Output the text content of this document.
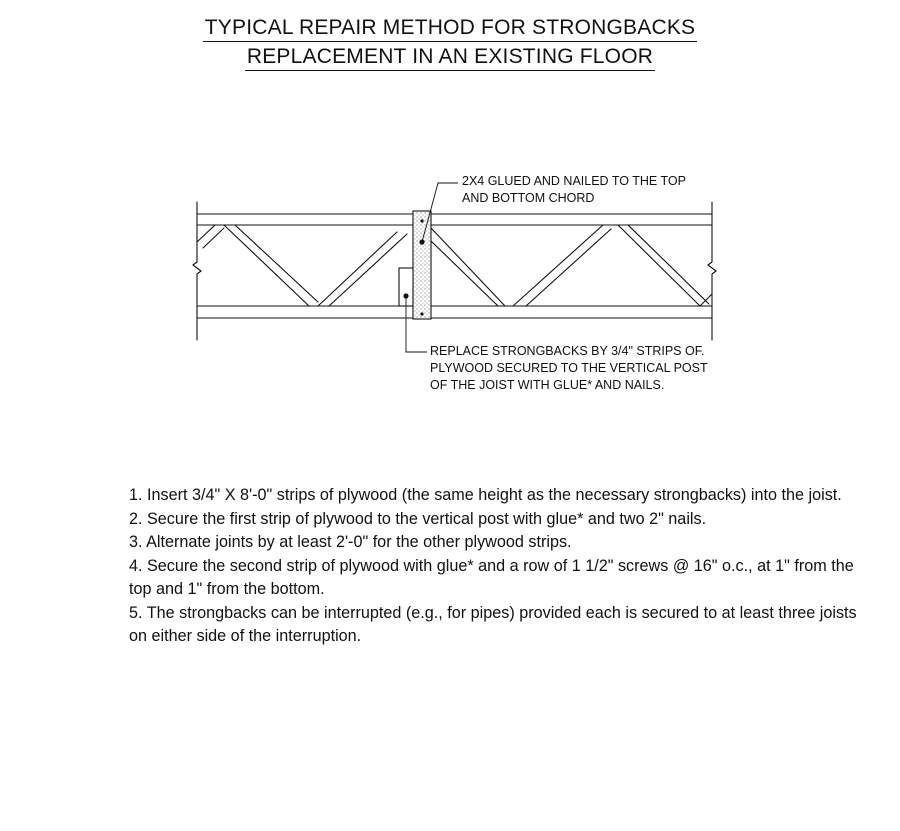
TYPICAL REPAIR METHOD FOR STRONGBACKS
REPLACEMENT IN AN EXISTING FLOOR
2X4 GLUED AND NAILED TO THE TOP
AND BOTTOM CHORD
REPLACE STRONGBACKS BY 3/4" STRIPS OF.
PLYWOOD SECURED TO THE VERTICAL POST
OF THE JOIST WITH GLUE* AND NAILS.

1. Insert 3/4" X 8'-0" strips of plywood (the same height as the necessary strongbacks) into the joist.

2. Secure the first strip of plywood to the vertical post with glue* and two 2" nails.

3. Alternate joints by at least 2'-0" for the other plywood strips.

4. Secure the second strip of plywood with glue* and a row of 1 1/2" screws @ 16" o.c., at 1" from the top and 1" from the bottom.

5. The strongbacks can be interrupted (e.g., for pipes) provided each is secured to at least three joists on either side of the interruption.
